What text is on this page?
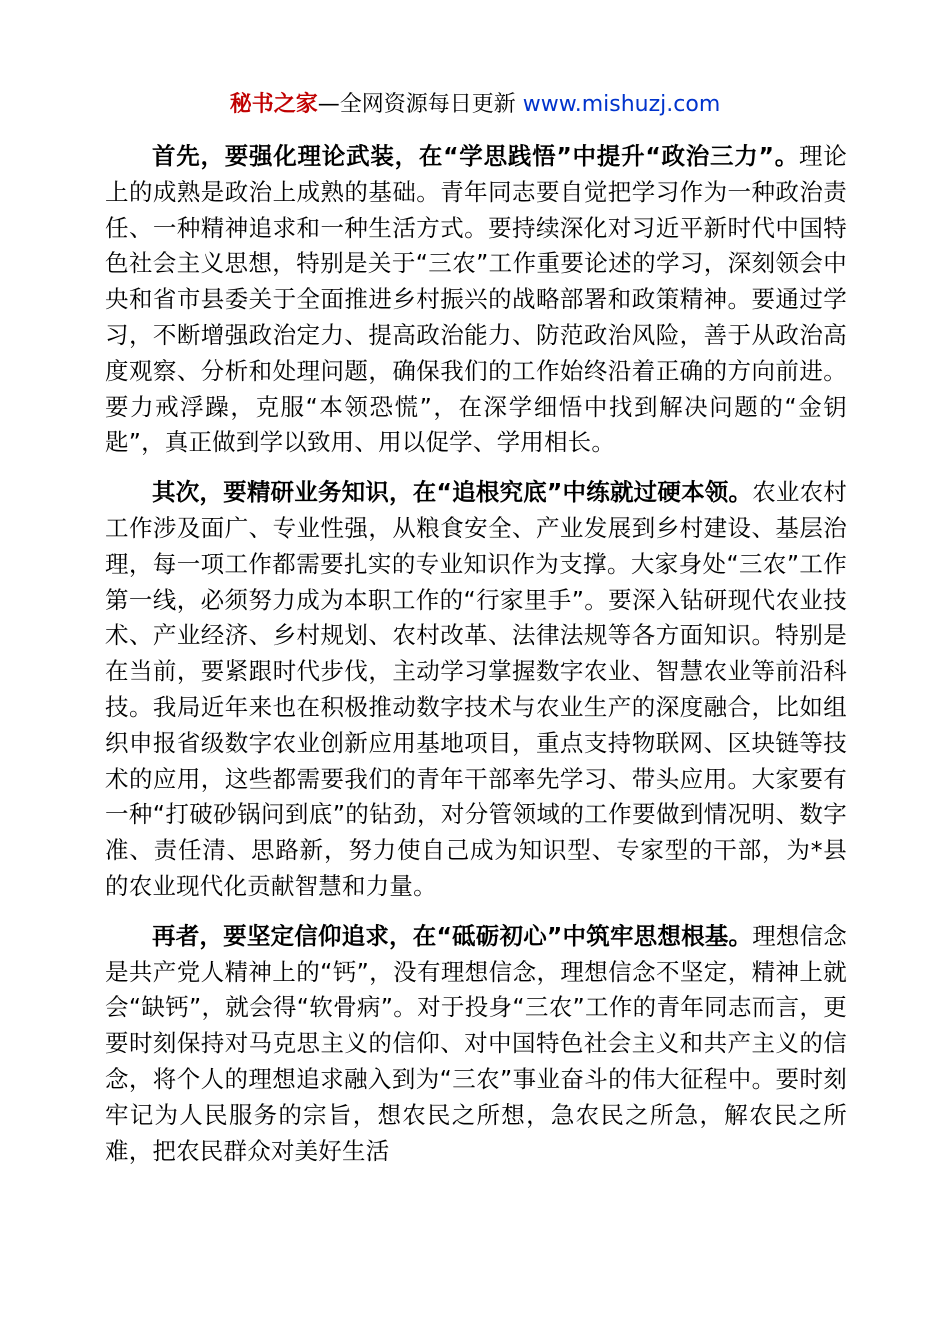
秘书之家—全网资源每日更新 www.mishuzj.com

首先，要强化理论武装，在“学思践悟”中提升“政治三力”。理论上的成熟是政治上成熟的基础。青年同志要自觉把学习作为一种政治责任、一种精神追求和一种生活方式。要持续深化对习近平新时代中国特色社会主义思想，特别是关于“三农”工作重要论述的学习，深刻领会中央和省市县委关于全面推进乡村振兴的战略部署和政策精神。要通过学习，不断增强政治定力、提高政治能力、防范政治风险，善于从政治高度观察、分析和处理问题，确保我们的工作始终沿着正确的方向前进。要力戒浮躁，克服“本领恐慌”，在深学细悟中找到解决问题的“金钥匙”，真正做到学以致用、用以促学、学用相长。

其次，要精研业务知识，在“追根究底”中练就过硬本领。农业农村工作涉及面广、专业性强，从粮食安全、产业发展到乡村建设、基层治理，每一项工作都需要扎实的专业知识作为支撑。大家身处“三农”工作第一线，必须努力成为本职工作的“行家里手”。要深入钻研现代农业技术、产业经济、乡村规划、农村改革、法律法规等各方面知识。特别是在当前，要紧跟时代步伐，主动学习掌握数字农业、智慧农业等前沿科技。我局近年来也在积极推动数字技术与农业生产的深度融合，比如组织申报省级数字农业创新应用基地项目，重点支持物联网、区块链等技术的应用，这些都需要我们的青年干部率先学习、带头应用。大家要有一种“打破砂锅问到底”的钻劲，对分管领域的工作要做到情况明、数字准、责任清、思路新，努力使自己成为知识型、专家型的干部，为*县的农业现代化贡献智慧和力量。

再者，要坚定信仰追求，在“砥砺初心”中筑牢思想根基。理想信念是共产党人精神上的“钙”，没有理想信念，理想信念不坚定，精神上就会“缺钙”，就会得“软骨病”。对于投身“三农”工作的青年同志而言，更要时刻保持对马克思主义的信仰、对中国特色社会主义和共产主义的信念，将个人的理想追求融入到为“三农”事业奋斗的伟大征程中。要时刻牢记为人民服务的宗旨，想农民之所想，急农民之所急，解农民之所难，把农民群众对美好生活
